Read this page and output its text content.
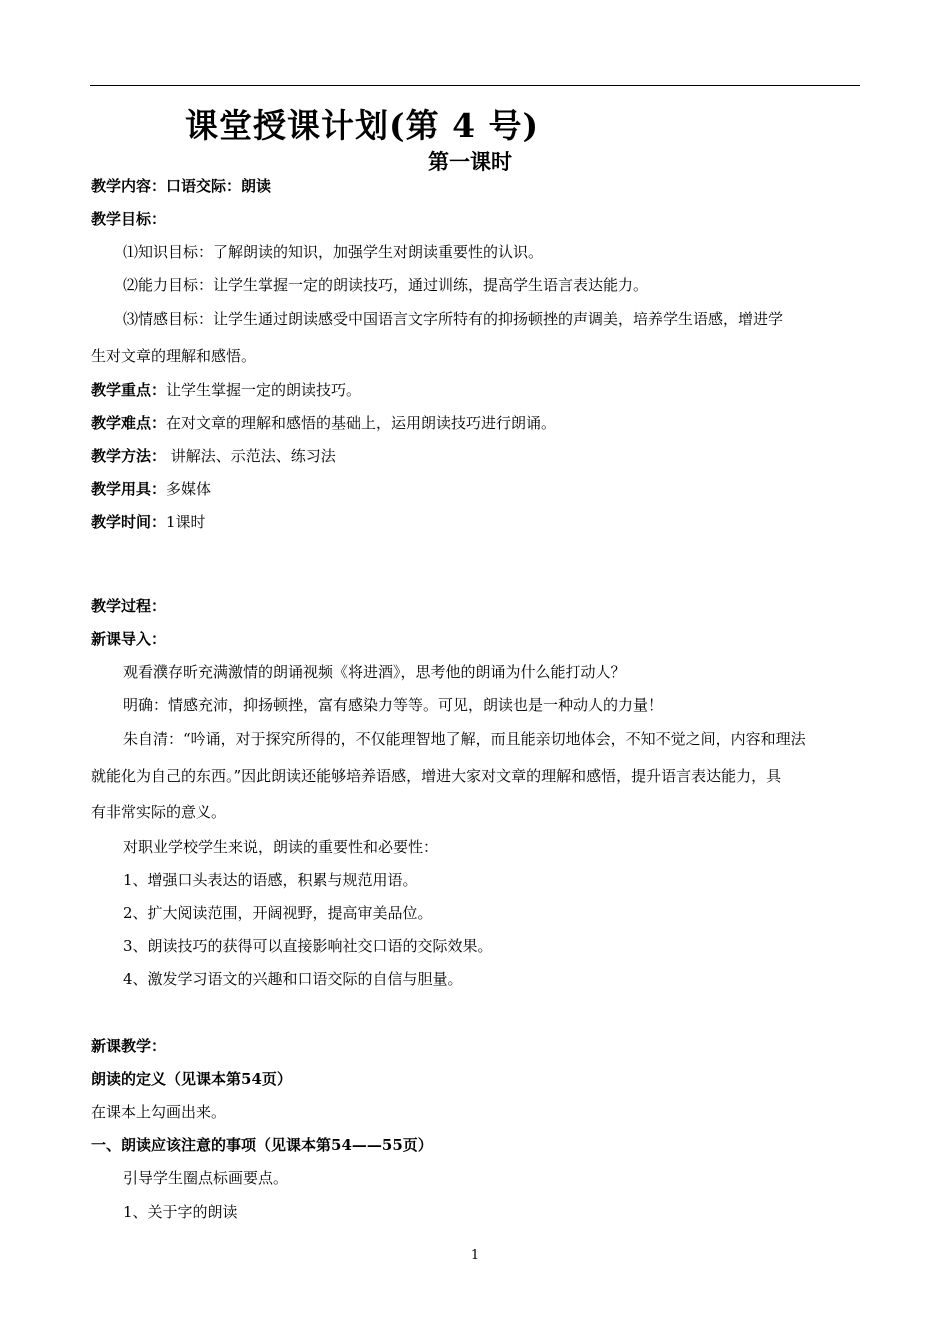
课堂授课计划(第 4 号)
第一课时
教学内容：口语交际：朗读
教学目标：
⑴知识目标：了解朗读的知识，加强学生对朗读重要性的认识。
⑵能力目标：让学生掌握一定的朗读技巧，通过训练，提高学生语言表达能力。
⑶情感目标：让学生通过朗读感受中国语言文字所特有的抑扬顿挫的声调美，培养学生语感，增进学
生对文章的理解和感悟。
教学重点：让学生掌握一定的朗读技巧。
教学难点：在对文章的理解和感悟的基础上，运用朗读技巧进行朗诵。
教学方法： 讲解法、示范法、练习法
教学用具：多媒体
教学时间：1课时
教学过程：
新课导入：
观看濮存昕充满激情的朗诵视频《将进酒》，思考他的朗诵为什么能打动人？
明确：情感充沛，抑扬顿挫，富有感染力等等。可见，朗读也是一种动人的力量！
朱自清：“吟诵，对于探究所得的，不仅能理智地了解，而且能亲切地体会，不知不觉之间，内容和理法
就能化为自己的东西。”因此朗读还能够培养语感，增进大家对文章的理解和感悟，提升语言表达能力，具
有非常实际的意义。
对职业学校学生来说，朗读的重要性和必要性：
1、增强口头表达的语感，积累与规范用语。
2、扩大阅读范围，开阔视野，提高审美品位。
3、朗读技巧的获得可以直接影响社交口语的交际效果。
4、激发学习语文的兴趣和口语交际的自信与胆量。
新课教学：
朗读的定义（见课本第54页）
在课本上勾画出来。
一、朗读应该注意的事项（见课本第54——55页）
引导学生圈点标画要点。
1、关于字的朗读
1
